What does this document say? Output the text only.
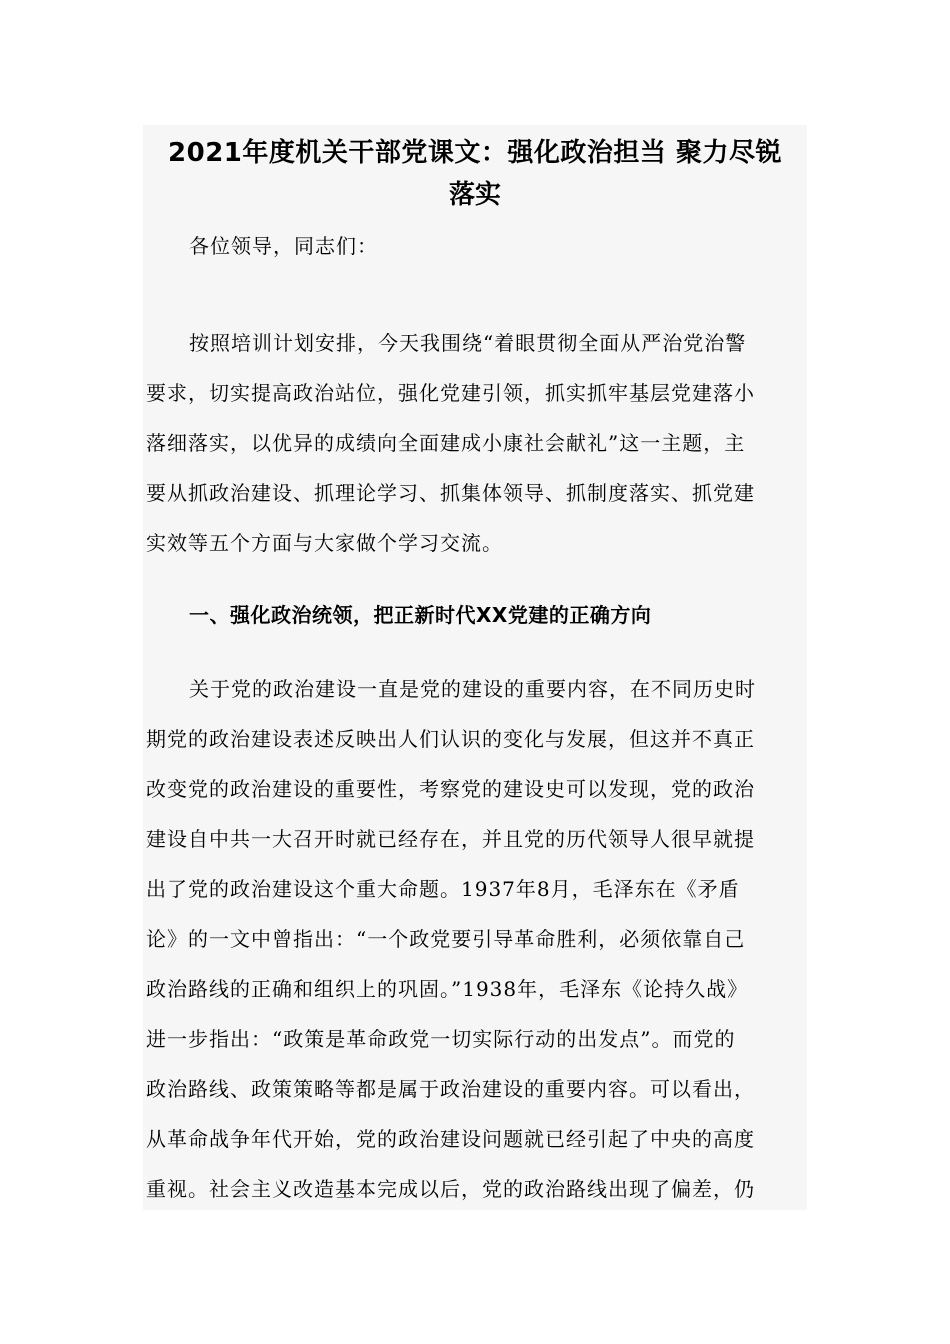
2021年度机关干部党课文：强化政治担当 聚力尽锐
落实

各位领导，同志们：

按照培训计划安排，今天我围绕“着眼贯彻全面从严治党治警
要求，切实提高政治站位，强化党建引领，抓实抓牢基层党建落小
落细落实，以优异的成绩向全面建成小康社会献礼”这一主题，主
要从抓政治建设、抓理论学习、抓集体领导、抓制度落实、抓党建
实效等五个方面与大家做个学习交流。

一、强化政治统领，把正新时代XX党建的正确方向

关于党的政治建设一直是党的建设的重要内容，在不同历史时
期党的政治建设表述反映出人们认识的变化与发展，但这并不真正
改变党的政治建设的重要性，考察党的建设史可以发现，党的政治
建设自中共一大召开时就已经存在，并且党的历代领导人很早就提
出了党的政治建设这个重大命题。1937年8月，毛泽东在《矛盾
论》的一文中曾指出：“一个政党要引导革命胜利，必须依靠自己
政治路线的正确和组织上的巩固。”1938年，毛泽东《论持久战》
进一步指出：“政策是革命政党一切实际行动的出发点”。而党的
政治路线、政策策略等都是属于政治建设的重要内容。可以看出，
从革命战争年代开始，党的政治建设问题就已经引起了中央的高度
重视。社会主义改造基本完成以后，党的政治路线出现了偏差，仍
